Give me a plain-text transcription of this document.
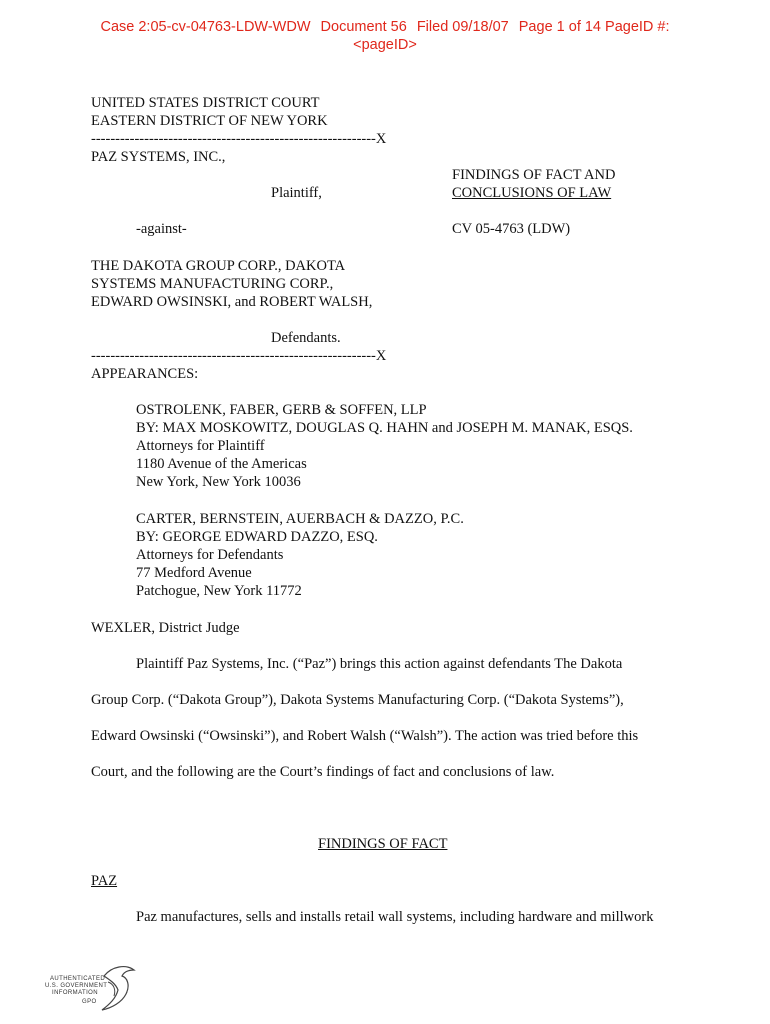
Case 2:05-cv-04763-LDW-WDW Document 56 Filed 09/18/07 Page 1 of 14 PageID #:
<pageID>
UNITED STATES DISTRICT COURT
EASTERN DISTRICT OF NEW YORK
-----------------------------------------------------------X
PAZ SYSTEMS, INC.,
Plaintiff,
-against-
THE DAKOTA GROUP CORP., DAKOTA
SYSTEMS MANUFACTURING CORP.,
EDWARD OWSINSKI, and ROBERT WALSH,
Defendants.
-----------------------------------------------------------X
FINDINGS OF FACT AND
CONCLUSIONS OF LAW
CV 05-4763 (LDW)
APPEARANCES:
OSTROLENK, FABER, GERB & SOFFEN, LLP
BY: MAX MOSKOWITZ, DOUGLAS Q. HAHN and JOSEPH M. MANAK, ESQS.
Attorneys for Plaintiff
1180 Avenue of the Americas
New York, New York 10036
CARTER, BERNSTEIN, AUERBACH & DAZZO, P.C.
BY: GEORGE EDWARD DAZZO, ESQ.
Attorneys for Defendants
77 Medford Avenue
Patchogue, New York 11772
WEXLER, District Judge
Plaintiff Paz Systems, Inc. (“Paz”) brings this action against defendants The Dakota
Group Corp. (“Dakota Group”), Dakota Systems Manufacturing Corp. (“Dakota Systems”),
Edward Owsinski (“Owsinski”), and Robert Walsh (“Walsh”). The action was tried before this
Court, and the following are the Court’s findings of fact and conclusions of law.
FINDINGS OF FACT
PAZ
Paz manufactures, sells and installs retail wall systems, including hardware and millwork
AUTHENTICATED
U.S. GOVERNMENT
INFORMATION
GPO
